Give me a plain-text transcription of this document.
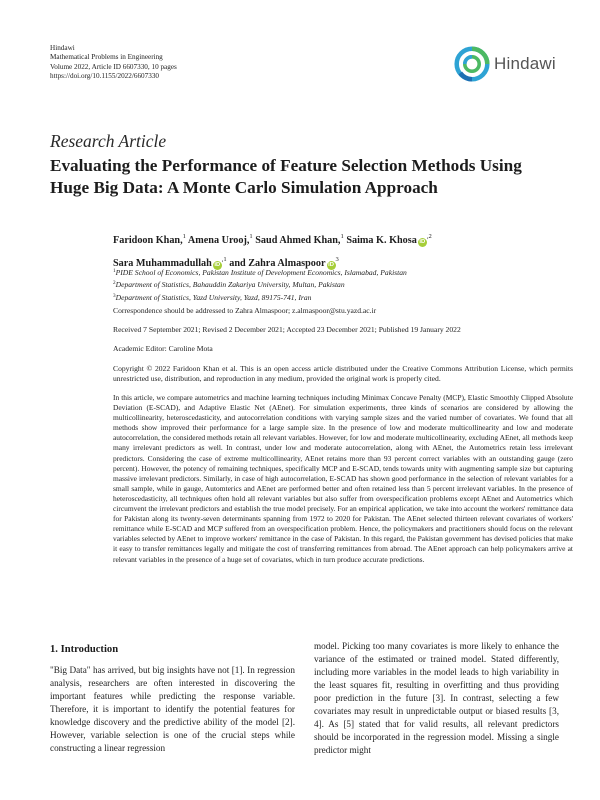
Hindawi
Mathematical Problems in Engineering
Volume 2022, Article ID 6607330, 10 pages
https://doi.org/10.1155/2022/6607330
Hindawi
Research Article
Evaluating the Performance of Feature Selection Methods Using
Huge Big Data: A Monte Carlo Simulation Approach
Faridoon Khan,$^1$ Amena Urooj,$^1$ Saud Ahmed Khan,$^1$ Saima K. Khosa $iD^{,2}$
Sara Muhammadullah $iD^{,1}$ and Zahra Almaspoor $iD^3$
$^1$PIDE School of Economics, Pakistan Institute of Development Economics, Islamabad, Pakistan
$^2$Department of Statistics, Bahauddin Zakariya University, Multan, Pakistan
$^3$Department of Statistics, Yazd University, Yazd, 89175-741, Iran
Correspondence should be addressed to Zahra Almaspoor; z.almaspoor@stu.yazd.ac.ir
Received 7 September 2021; Revised 2 December 2021; Accepted 23 December 2021; Published 19 January 2022
Academic Editor: Caroline Mota
Copyright © 2022 Faridoon Khan et al. This is an open access article distributed under the Creative Commons Attribution License, which permits unrestricted use, distribution, and reproduction in any medium, provided the original work is properly cited.
In this article, we compare autometrics and machine learning techniques including Minimax Concave Penalty (MCP), Elastic Smoothly Clipped Absolute Deviation (E-SCAD), and Adaptive Elastic Net (AEnet). For simulation experiments, three kinds of scenarios are considered by allowing the multicollinearity, heteroscedasticity, and autocorrelation conditions with varying sample sizes and the varied number of covariates. We found that all methods show improved their performance for a large sample size. In the presence of low and moderate multicollinearity and low and moderate autocorrelation, the considered methods retain all relevant variables. However, for low and moderate multicollinearity, excluding AEnet, all methods keep many irrelevant predictors as well. In contrast, under low and moderate autocorrelation, along with AEnet, the Autometrics retain less irrelevant predictors. Considering the case of extreme multicollinearity, AEnet retains more than 93 percent correct variables with an outstanding gauge (zero percent). However, the potency of remaining techniques, specifically MCP and E-SCAD, tends towards unity with augmenting sample size but capturing massive irrelevant predictors. Similarly, in case of high autocorrelation, E-SCAD has shown good performance in the selection of relevant variables for a small sample, while in gauge, Automterics and AEnet are performed better and often retained less than 5 percent irrelevant variables. In the presence of heteroscedasticity, all techniques often hold all relevant variables but also suffer from overspecification problems except AEnet and Autometrics which circumvent the irrelevant predictors and establish the true model precisely. For an empirical application, we take into account the workers' remittance data for Pakistan along its twenty-seven determinants spanning from 1972 to 2020 for Pakistan. The AEnet selected thirteen relevant covariates of workers' remittance while E-SCAD and MCP suffered from an overspecification problem. Hence, the policymakers and practitioners should focus on the relevant variables selected by AEnet to improve workers' remittance in the case of Pakistan. In this regard, the Pakistan government has devised policies that make it easy to transfer remittances legally and mitigate the cost of transferring remittances from abroad. The AEnet approach can help policymakers arrive at relevant variables in the presence of a huge set of covariates, which in turn produce accurate predictions.
1. Introduction
"Big Data" has arrived, but big insights have not [1]. In regression analysis, researchers are often interested in discovering the important features while predicting the response variable. Therefore, it is important to identify the potential features for knowledge discovery and the predictive ability of the model [2]. However, variable selection is one of the crucial steps while constructing a linear regression
model. Picking too many covariates is more likely to enhance the variance of the estimated or trained model. Stated differently, including more variables in the model leads to high variability in the least squares fit, resulting in overfitting and thus providing poor prediction in the future [3]. In contrast, selecting a few covariates may result in unpredictable output or biased results [3, 4]. As [5] stated that for valid results, all relevant predictors should be incorporated in the regression model. Missing a single predictor might
